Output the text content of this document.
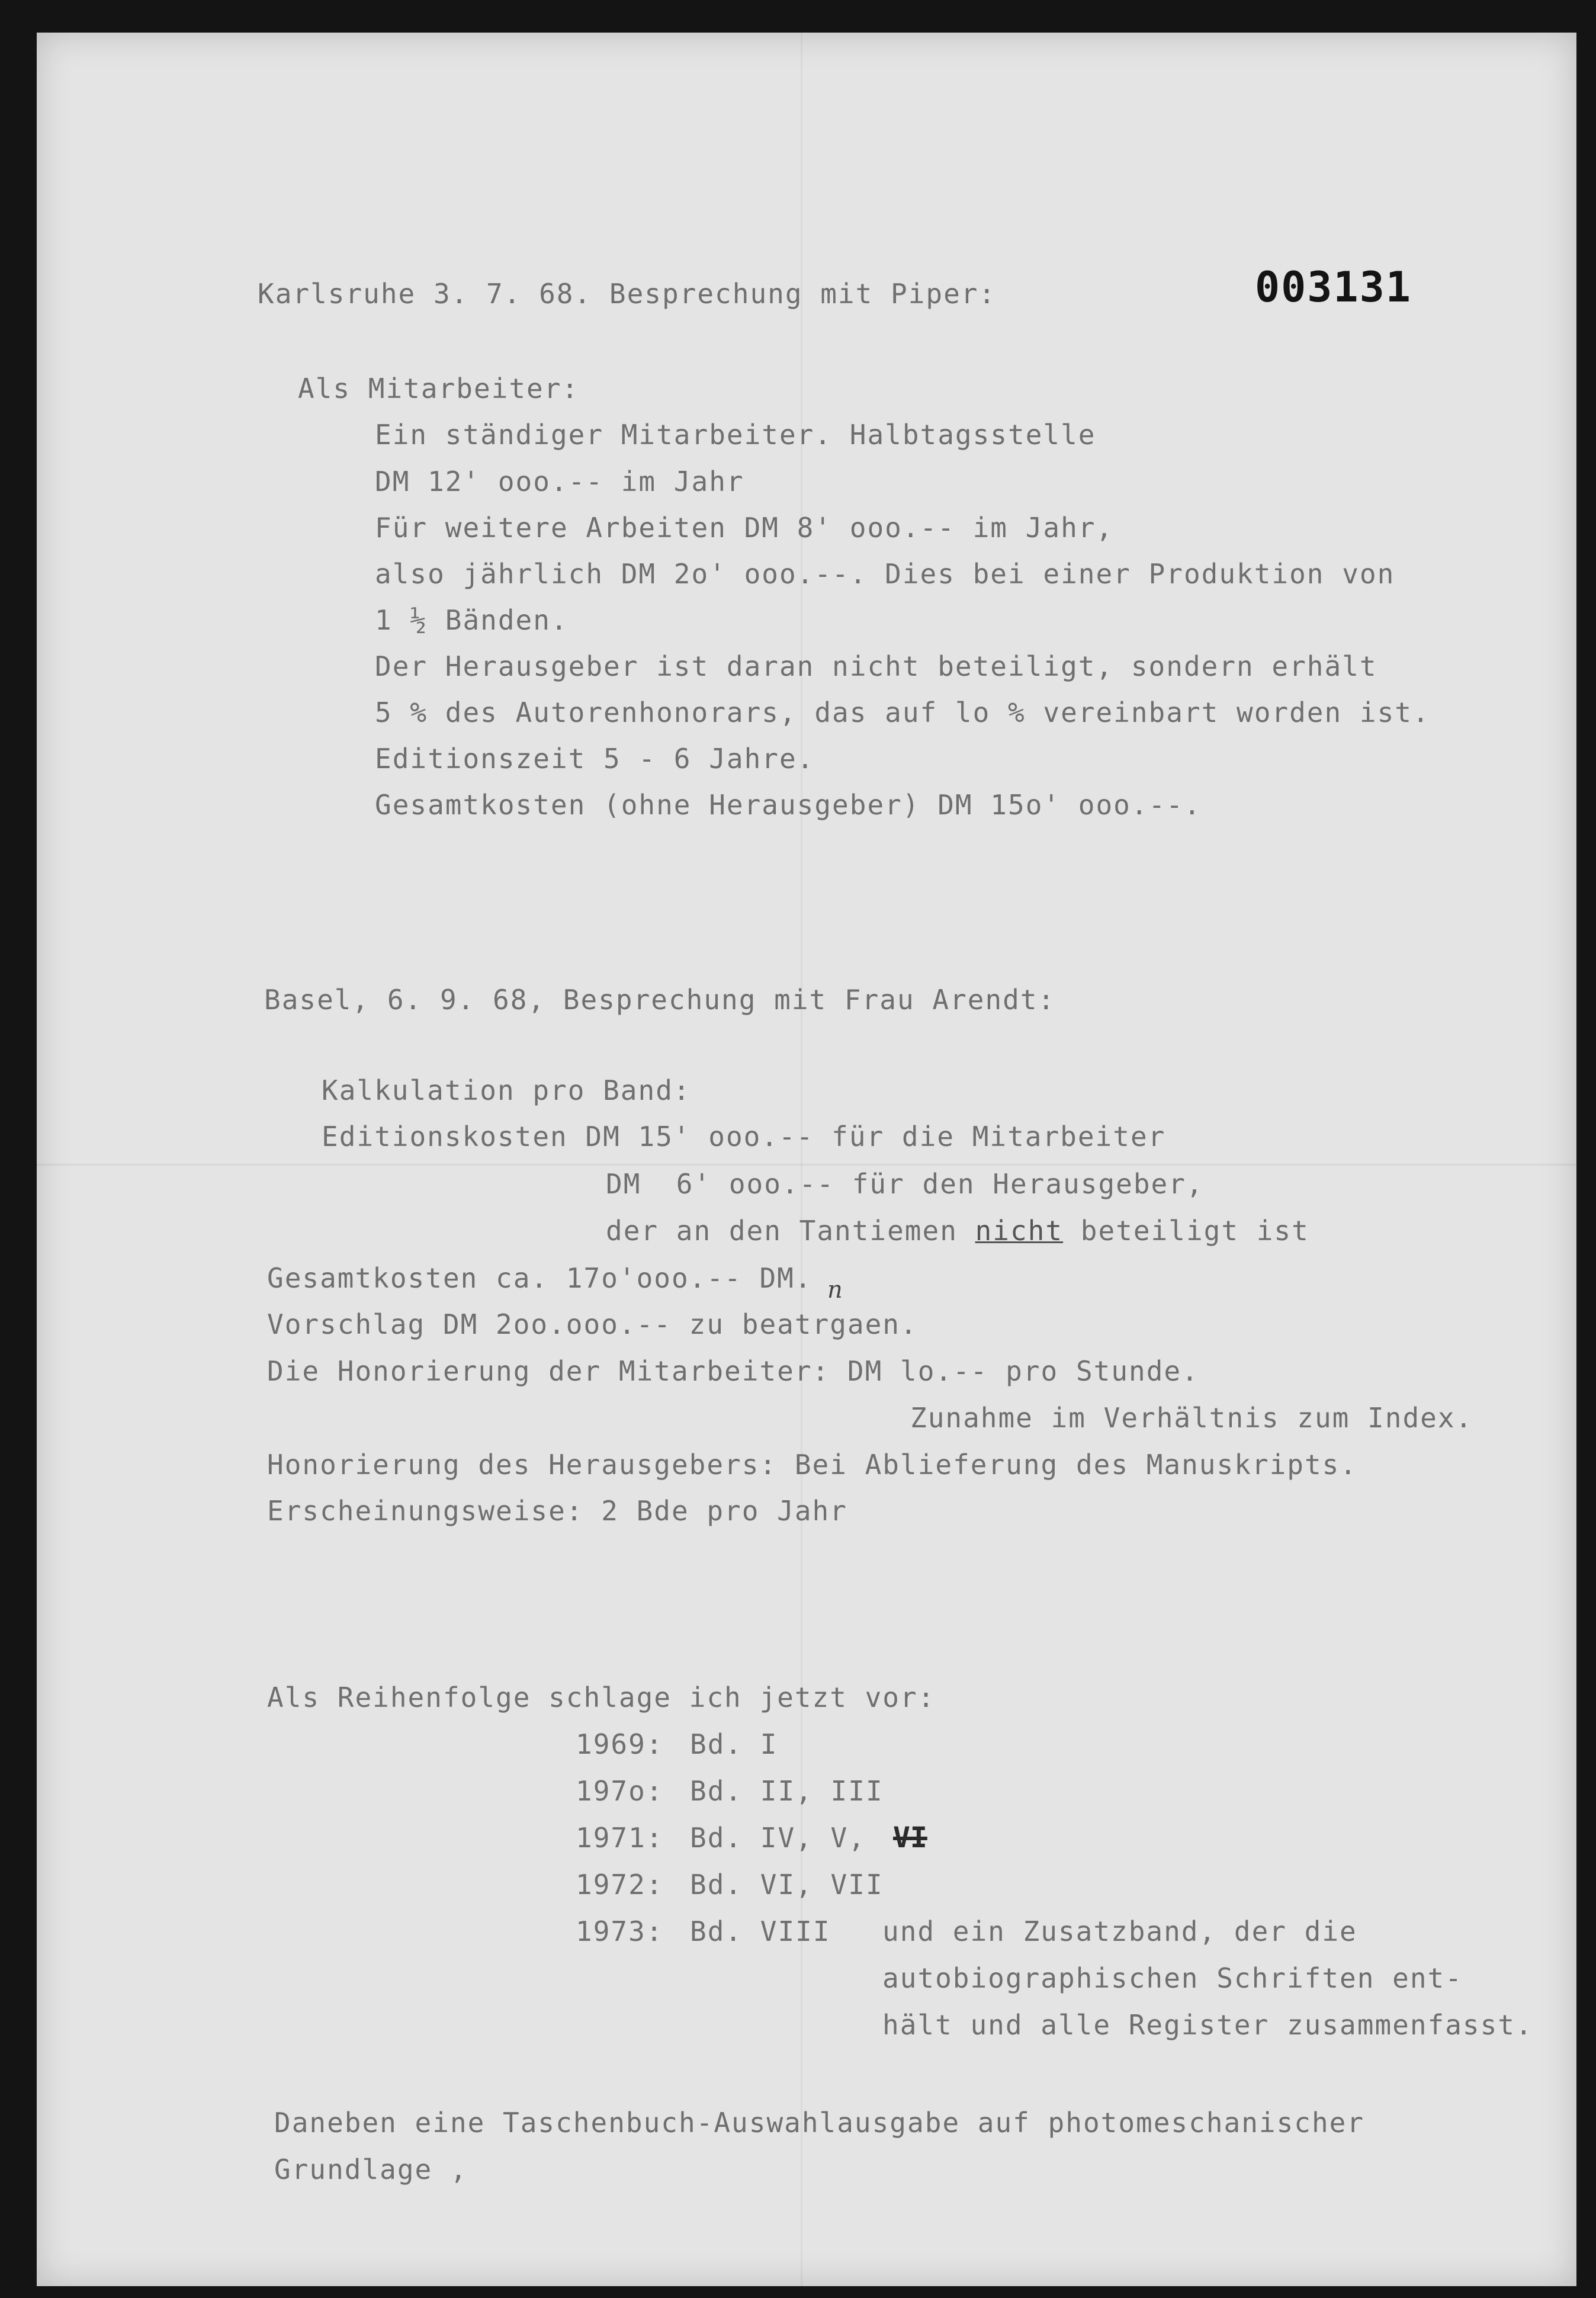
003131
Karlsruhe 3. 7. 68. Besprechung mit Piper:
Als Mitarbeiter:
Ein ständiger Mitarbeiter. Halbtagsstelle
DM 12' ooo.-- im Jahr
Für weitere Arbeiten DM 8' ooo.-- im Jahr,
also jährlich DM 2o' ooo.--. Dies bei einer Produktion von
1 ½ Bänden.
Der Herausgeber ist daran nicht beteiligt, sondern erhält
5 % des Autorenhonorars, das auf lo % vereinbart worden ist.
Editionszeit 5 - 6 Jahre.
Gesamtkosten (ohne Herausgeber) DM 15o' ooo.--.
Basel, 6. 9. 68, Besprechung mit Frau Arendt:
Kalkulation pro Band:
Editionskosten DM 15' ooo.-- für die Mitarbeiter
DM  6' ooo.-- für den Herausgeber,
der an den Tantiemen nicht beteiligt ist
Gesamtkosten ca. 17o'ooo.-- DM. n
Vorschlag DM 2oo.ooo.-- zu beatrgaen.
Die Honorierung der Mitarbeiter: DM lo.-- pro Stunde.
Zunahme im Verhältnis zum Index.
Honorierung des Herausgebers: Bei Ablieferung des Manuskripts.
Erscheinungsweise: 2 Bde pro Jahr
Als Reihenfolge schlage ich jetzt vor:
1969: Bd. I
197o: Bd. II, III
1971: Bd. IV, V, VI
1972: Bd. VI, VII
1973: Bd. VIII und ein Zusatzband, der die
autobiographischen Schriften ent-
hält und alle Register zusammenfasst.
Daneben eine Taschenbuch-Auswahlausgabe auf photomeschanischer
Grundlage ,
